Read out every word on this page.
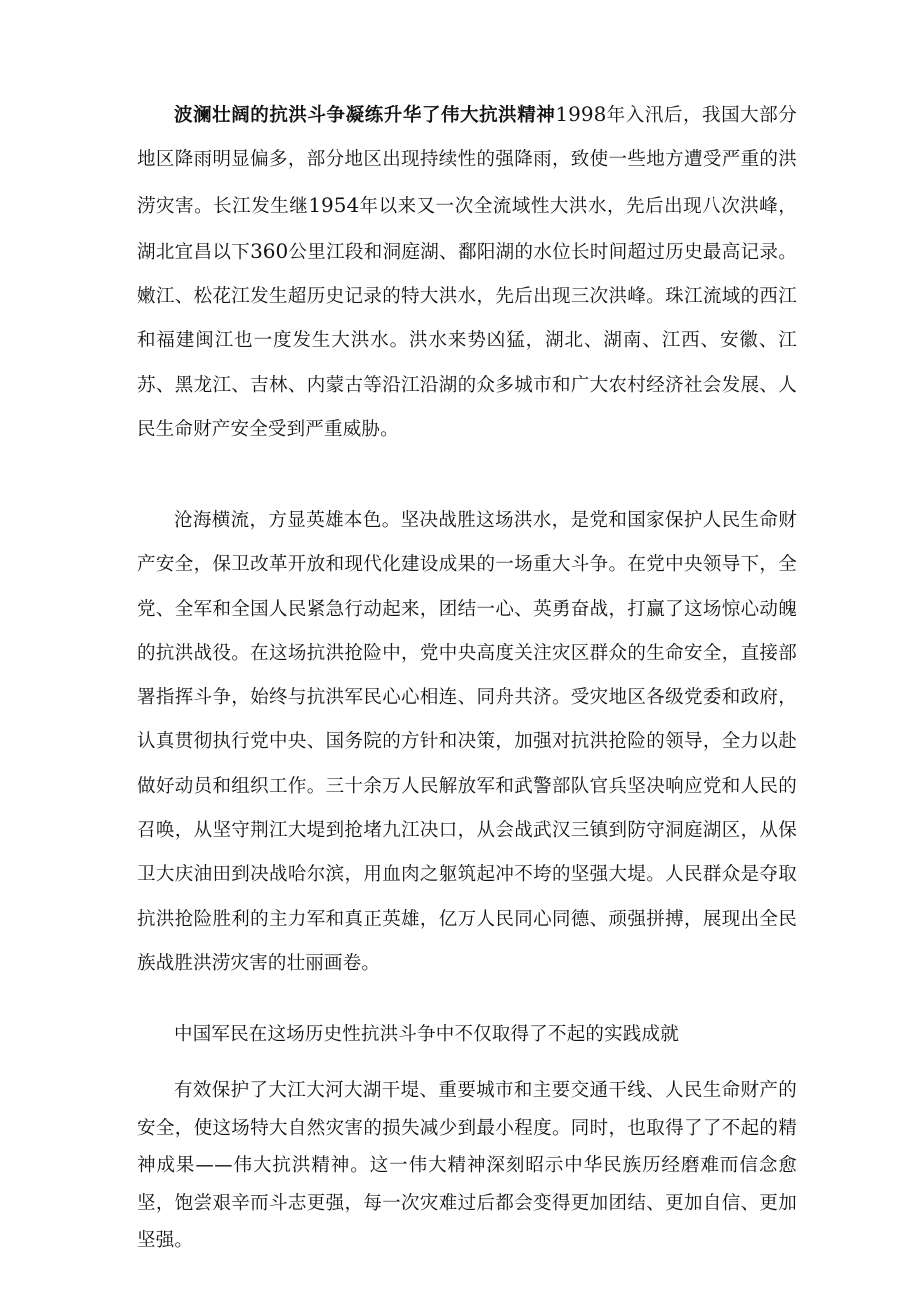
波澜壮阔的抗洪斗争凝练升华了伟大抗洪精神1998年入汛后，我国大部分地区降雨明显偏多，部分地区出现持续性的强降雨，致使一些地方遭受严重的洪涝灾害。长江发生继1954年以来又一次全流域性大洪水，先后出现八次洪峰，湖北宜昌以下360公里江段和洞庭湖、鄱阳湖的水位长时间超过历史最高记录。嫩江、松花江发生超历史记录的特大洪水，先后出现三次洪峰。珠江流域的西江和福建闽江也一度发生大洪水。洪水来势凶猛，湖北、湖南、江西、安徽、江苏、黑龙江、吉林、内蒙古等沿江沿湖的众多城市和广大农村经济社会发展、人民生命财产安全受到严重威胁。

沧海横流，方显英雄本色。坚决战胜这场洪水，是党和国家保护人民生命财产安全，保卫改革开放和现代化建设成果的一场重大斗争。在党中央领导下，全党、全军和全国人民紧急行动起来，团结一心、英勇奋战，打赢了这场惊心动魄的抗洪战役。在这场抗洪抢险中，党中央高度关注灾区群众的生命安全，直接部署指挥斗争，始终与抗洪军民心心相连、同舟共济。受灾地区各级党委和政府，认真贯彻执行党中央、国务院的方针和决策，加强对抗洪抢险的领导，全力以赴做好动员和组织工作。三十余万人民解放军和武警部队官兵坚决响应党和人民的召唤，从坚守荆江大堤到抢堵九江决口，从会战武汉三镇到防守洞庭湖区，从保卫大庆油田到决战哈尔滨，用血肉之躯筑起冲不垮的坚强大堤。人民群众是夺取抗洪抢险胜利的主力军和真正英雄，亿万人民同心同德、顽强拼搏，展现出全民族战胜洪涝灾害的壮丽画卷。

中国军民在这场历史性抗洪斗争中不仅取得了不起的实践成就

有效保护了大江大河大湖干堤、重要城市和主要交通干线、人民生命财产的安全，使这场特大自然灾害的损失减少到最小程度。同时，也取得了了不起的精神成果——伟大抗洪精神。这一伟大精神深刻昭示中华民族历经磨难而信念愈坚，饱尝艰辛而斗志更强，每一次灾难过后都会变得更加团结、更加自信、更加坚强。
